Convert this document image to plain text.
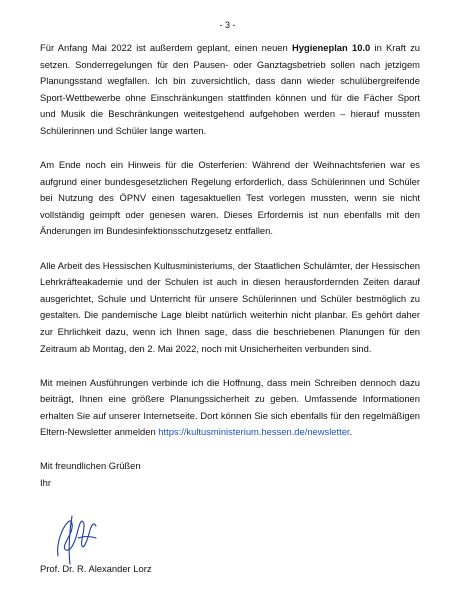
- 3 -

Für Anfang Mai 2022 ist außerdem geplant, einen neuen Hygieneplan 10.0 in Kraft zu setzen. Sonderregelungen für den Pausen- oder Ganztagsbetrieb sollen nach jetzigem Planungsstand wegfallen. Ich bin zuversichtlich, dass dann wieder schulübergreifende Sport-Wettbewerbe ohne Einschränkungen stattfinden können und für die Fächer Sport und Musik die Beschränkungen weitestgehend aufgehoben werden – hierauf mussten Schülerinnen und Schüler lange warten.

Am Ende noch ein Hinweis für die Osterferien: Während der Weihnachtsferien war es aufgrund einer bundesgesetzlichen Regelung erforderlich, dass Schülerinnen und Schüler bei Nutzung des ÖPNV einen tagesaktuellen Test vorlegen mussten, wenn sie nicht vollständig geimpft oder genesen waren. Dieses Erfordernis ist nun ebenfalls mit den Änderungen im Bundesinfektionsschutzgesetz entfallen.

Alle Arbeit des Hessischen Kultusministeriums, der Staatlichen Schulämter, der Hessischen Lehrkräfteakademie und der Schulen ist auch in diesen herausfordernden Zeiten darauf ausgerichtet, Schule und Unterricht für unsere Schülerinnen und Schüler bestmöglich zu gestalten. Die pandemische Lage bleibt natürlich weiterhin nicht planbar. Es gehört daher zur Ehrlichkeit dazu, wenn ich Ihnen sage, dass die beschriebenen Planungen für den Zeitraum ab Montag, den 2. Mai 2022, noch mit Unsicherheiten verbunden sind.

Mit meinen Ausführungen verbinde ich die Hoffnung, dass mein Schreiben dennoch dazu beiträgt, Ihnen eine größere Planungssicherheit zu geben. Umfassende Informationen erhalten Sie auf unserer Internetseite. Dort können Sie sich ebenfalls für den regelmäßigen Eltern-Newsletter anmelden https://kultusministerium.hessen.de/newsletter.

Mit freundlichen Grüßen

Ihr

Prof. Dr. R. Alexander Lorz
